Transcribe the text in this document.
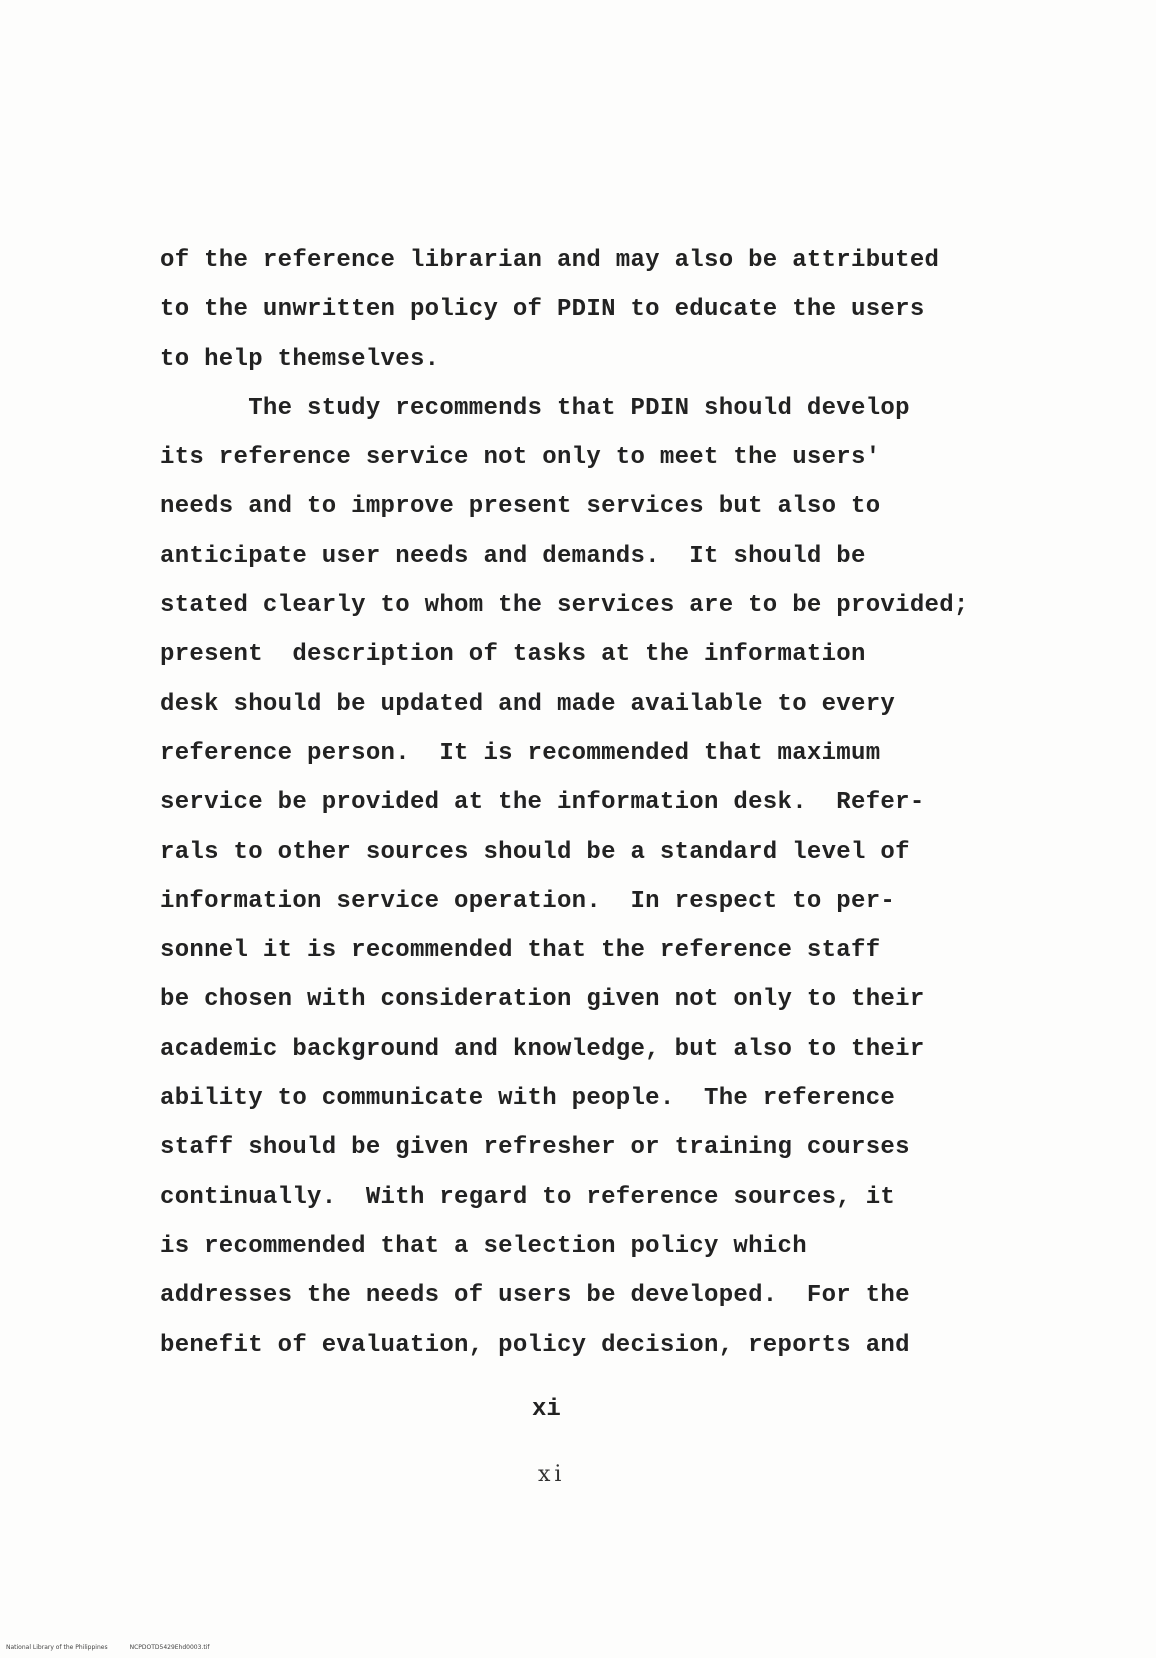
of the reference librarian and may also be attributed
to the unwritten policy of PDIN to educate the users
to help themselves.
The study recommends that PDIN should develop
its reference service not only to meet the users'
needs and to improve present services but also to
anticipate user needs and demands.  It should be
stated clearly to whom the services are to be provided;
present  description of tasks at the information
desk should be updated and made available to every
reference person.  It is recommended that maximum
service be provided at the information desk.  Refer-
rals to other sources should be a standard level of
information service operation.  In respect to per-
sonnel it is recommended that the reference staff
be chosen with consideration given not only to their
academic background and knowledge, but also to their
ability to communicate with people.  The reference
staff should be given refresher or training courses
continually.  With regard to reference sources, it
is recommended that a selection policy which
addresses the needs of users be developed.  For the
benefit of evaluation, policy decision, reports and
xi
xi
National Library of the Philippines	NCPDOTD5429Ehd0003.tif
